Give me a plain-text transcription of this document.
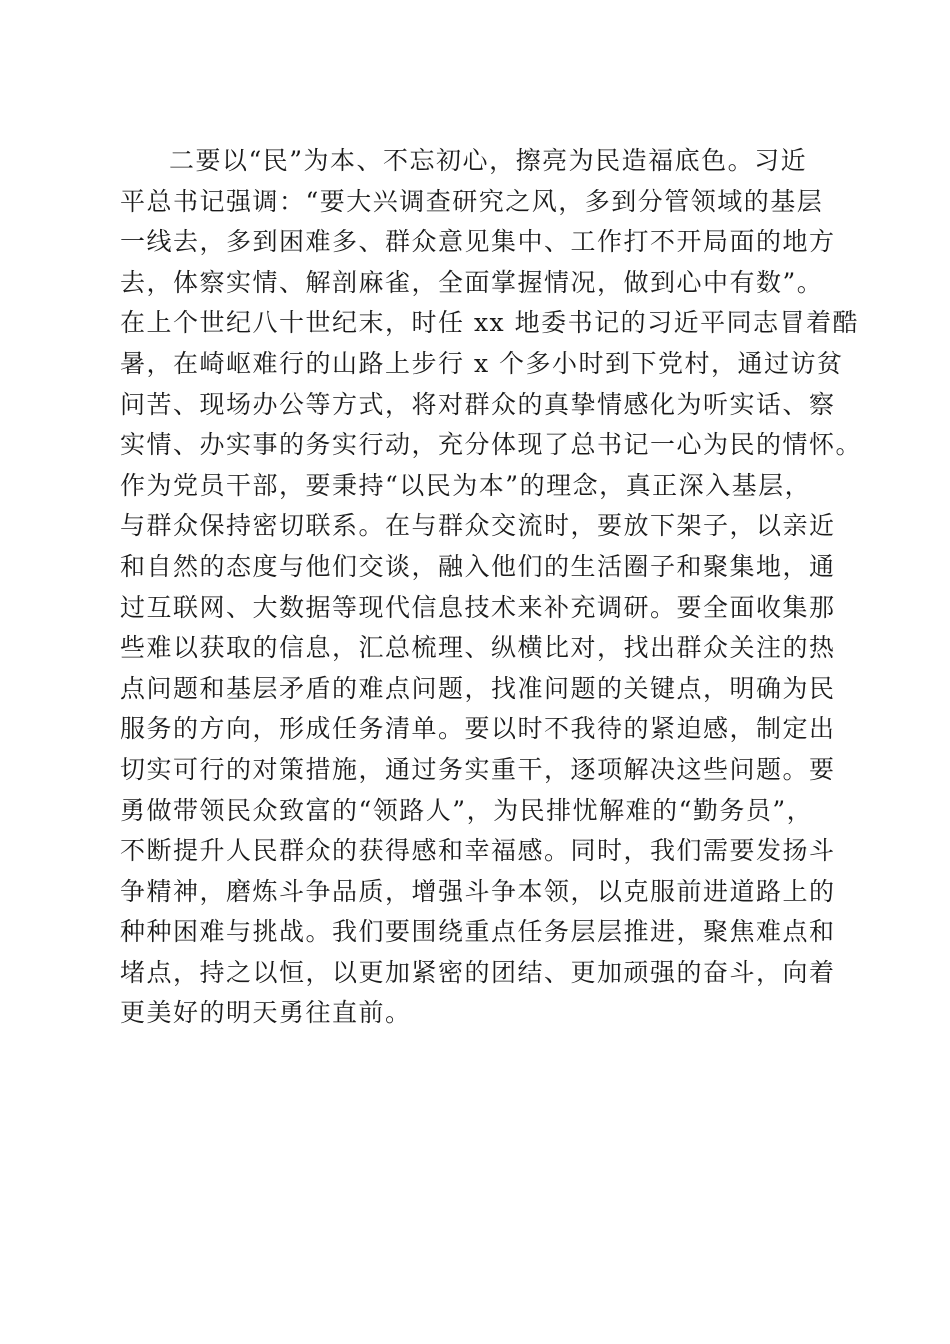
二要以“民”为本、不忘初心，擦亮为民造福底色。习近
平总书记强调：“要大兴调查研究之风，多到分管领域的基层
一线去，多到困难多、群众意见集中、工作打不开局面的地方
去，体察实情、解剖麻雀，全面掌握情况，做到心中有数”。
在上个世纪八十世纪末，时任 xx 地委书记的习近平同志冒着酷
暑，在崎岖难行的山路上步行 x 个多小时到下党村，通过访贫
问苦、现场办公等方式，将对群众的真挚情感化为听实话、察
实情、办实事的务实行动，充分体现了总书记一心为民的情怀。
作为党员干部，要秉持“以民为本”的理念，真正深入基层，
与群众保持密切联系。在与群众交流时，要放下架子，以亲近
和自然的态度与他们交谈，融入他们的生活圈子和聚集地，通
过互联网、大数据等现代信息技术来补充调研。要全面收集那
些难以获取的信息，汇总梳理、纵横比对，找出群众关注的热
点问题和基层矛盾的难点问题，找准问题的关键点，明确为民
服务的方向，形成任务清单。要以时不我待的紧迫感，制定出
切实可行的对策措施，通过务实重干，逐项解决这些问题。要
勇做带领民众致富的“领路人”，为民排忧解难的“勤务员”，
不断提升人民群众的获得感和幸福感。同时，我们需要发扬斗
争精神，磨炼斗争品质，增强斗争本领，以克服前进道路上的
种种困难与挑战。我们要围绕重点任务层层推进，聚焦难点和
堵点，持之以恒，以更加紧密的团结、更加顽强的奋斗，向着
更美好的明天勇往直前。
